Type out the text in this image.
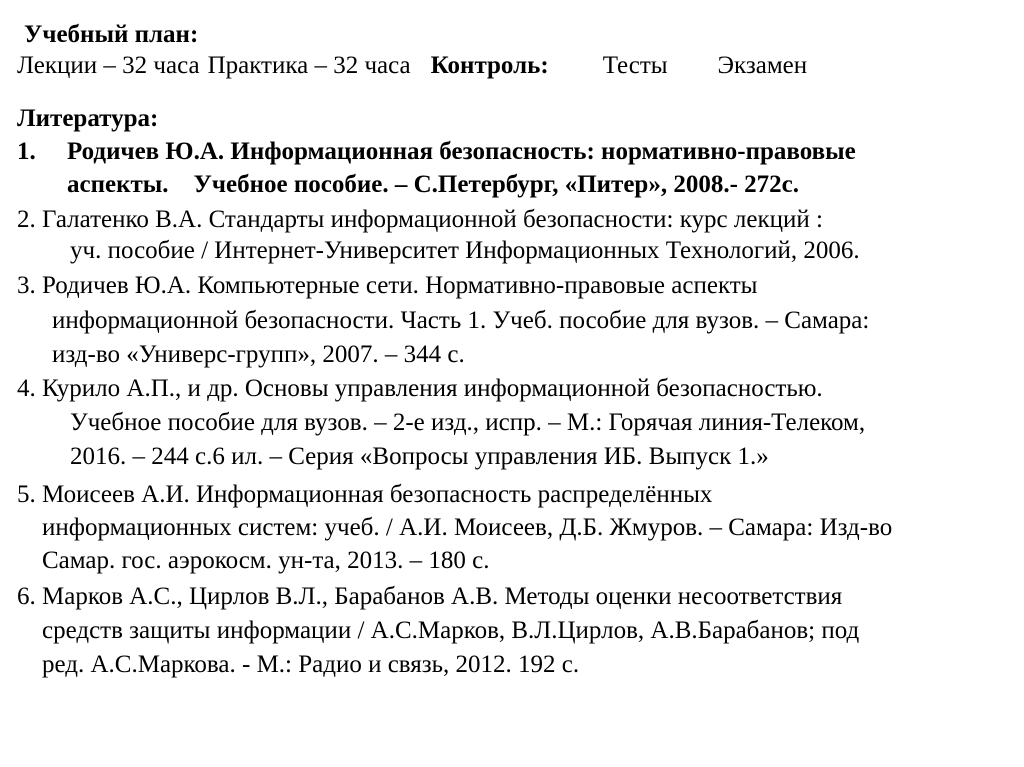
Учебный план:
Лекции – 32 часа Практика – 32 часа Контроль: Тесты Экзамен
Литература:
1. Родичев Ю.А. Информационная безопасность: нормативно-правовые
аспекты.    Учебное пособие. – С.Петербург, «Питер», 2008.- 272с.
2. Галатенко В.А. Стандарты информационной безопасности: курс лекций :
уч. пособие / Интернет-Университет Информационных Технологий, 2006.
3. Родичев Ю.А. Компьютерные сети. Нормативно-правовые аспекты
информационной безопасности. Часть 1. Учеб. пособие для вузов. – Самара:
изд-во «Универс-групп», 2007. – 344 с.
4. Курило А.П., и др. Основы управления информационной безопасностью.
Учебное пособие для вузов. – 2-е изд., испр. – М.: Горячая линия-Телеком,
2016. – 244 с.6 ил. – Серия «Вопросы управления ИБ. Выпуск 1.»
5. Моисеев А.И. Информационная безопасность распределённых
информационных систем: учеб. / А.И. Моисеев, Д.Б. Жмуров. – Самара: Изд-во
Самар. гос. аэрокосм. ун-та, 2013. – 180 с.
6. Марков А.С., Цирлов В.Л., Барабанов А.В. Методы оценки несоответствия
средств защиты информации / А.С.Марков, В.Л.Цирлов, А.В.Барабанов; под
ред. А.С.Маркова. - М.: Радио и связь, 2012. 192 с.
